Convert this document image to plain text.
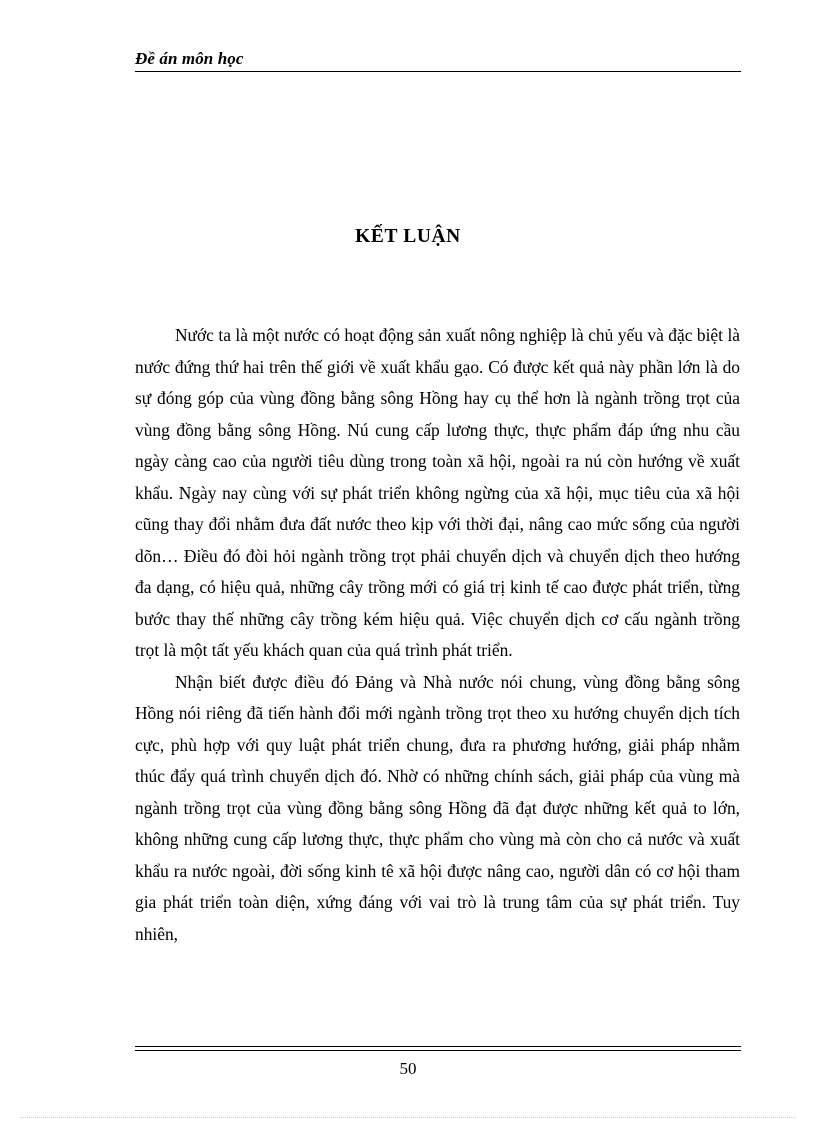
Đề án môn học
KẾT LUẬN

Nước ta là một nước có hoạt động sản xuất nông nghiệp là chủ yếu và đặc biệt là nước đứng thứ hai trên thế giới về xuất khẩu gạo. Có được kết quả này phần lớn là do sự đóng góp của vùng đồng bằng sông Hồng hay cụ thể hơn là ngành trồng trọt của vùng đồng bằng sông Hồng. Nú cung cấp lương thực, thực phẩm đáp ứng nhu cầu ngày càng cao của người tiêu dùng trong toàn xã hội, ngoài ra nú còn hướng về xuất khẩu. Ngày nay cùng với sự phát triển không ngừng của xã hội, mục tiêu của xã hội cũng thay đổi nhằm đưa đất nước theo kịp với thời đại, nâng cao mức sống của người dõn… Điều đó đòi hỏi ngành trồng trọt phải chuyển dịch và chuyển dịch theo hướng đa dạng, có hiệu quả, những cây trồng mới có giá trị kinh tế cao được phát triển, từng bước thay thế những cây trồng kém hiệu quả. Việc chuyển dịch cơ cấu ngành trồng trọt là một tất yếu khách quan của quá trình phát triển.

Nhận biết được điều đó Đảng và Nhà nước nói chung, vùng đồng bằng sông Hồng nói riêng đã tiến hành đổi mới ngành trồng trọt theo xu hướng chuyển dịch tích cực, phù hợp với quy luật phát triển chung, đưa ra phương hướng, giải pháp nhằm thúc đẩy quá trình chuyển dịch đó. Nhờ có những chính sách, giải pháp của vùng mà ngành trồng trọt của vùng đồng bằng sông Hồng đã đạt được những kết quả to lớn, không những cung cấp lương thực, thực phẩm cho vùng mà còn cho cả nước và xuất khẩu ra nước ngoài, đời sống kinh tê xã hội được nâng cao, người dân có cơ hội tham gia phát triển toàn diện, xứng đáng với vai trò là trung tâm của sự phát triển. Tuy nhiên,

50
